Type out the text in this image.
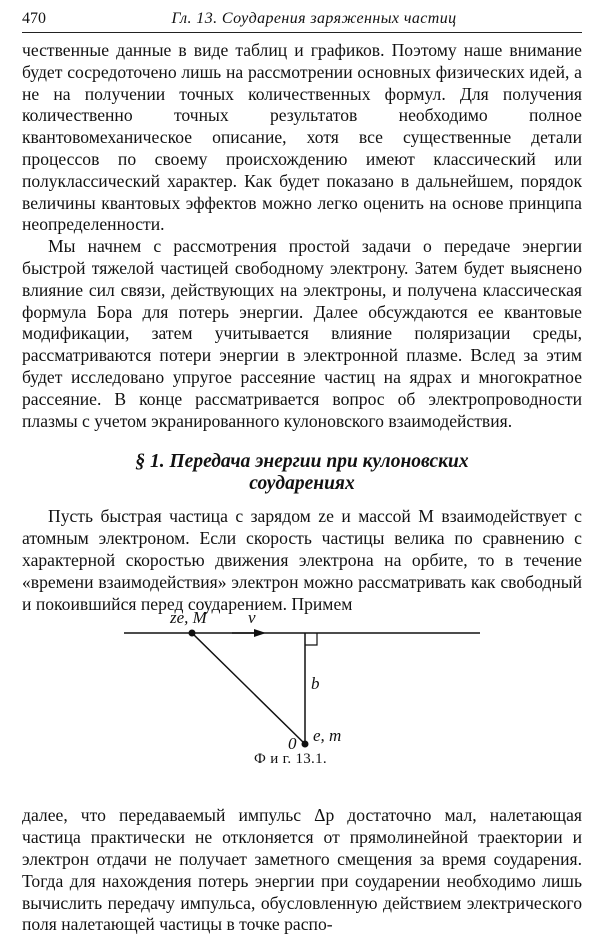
470	Гл. 13. Соударения заряженных частиц

чественные данные в виде таблиц и графиков. Поэтому наше внимание будет сосредоточено лишь на рассмотрении основных физических идей, а не на получении точных количественных формул. Для получения количественно точных результатов необходимо полное квантовомеханическое описание, хотя все существенные детали процессов по своему происхождению имеют классический или полуклассический характер. Как будет показано в дальнейшем, порядок величины квантовых эффектов можно легко оценить на основе принципа неопределенности.

Мы начнем с рассмотрения простой задачи о передаче энергии быстрой тяжелой частицей свободному электрону. Затем будет выяснено влияние сил связи, действующих на электроны, и получена классическая формула Бора для потерь энергии. Далее обсуждаются ее квантовые модификации, затем учитывается влияние поляризации среды, рассматриваются потери энергии в электронной плазме. Вслед за этим будет исследовано упругое рассеяние частиц на ядрах и многократное рассеяние. В конце рассматривается вопрос об электропроводности плазмы с учетом экранированного кулоновского взаимодействия.

§ 1. Передача энергии при кулоновских
соударениях

Пусть быстрая частица с зарядом ze и массой M взаимодействует с атомным электроном. Если скорость частицы велика по сравнению с характерной скоростью движения электрона на орбите, то в течение «времени взаимодействия» электрон можно рассматривать как свободный и покоившийся перед соударением. Примем

ze, M v
b
0 e, m
Ф и г. 13.1.

далее, что передаваемый импульс Δp достаточно мал, налетающая частица практически не отклоняется от прямолинейной траектории и электрон отдачи не получает заметного смещения за время соударения. Тогда для нахождения потерь энергии при соударении необходимо лишь вычислить передачу импульса, обусловленную действием электрического поля налетающей частицы в точке распо-
